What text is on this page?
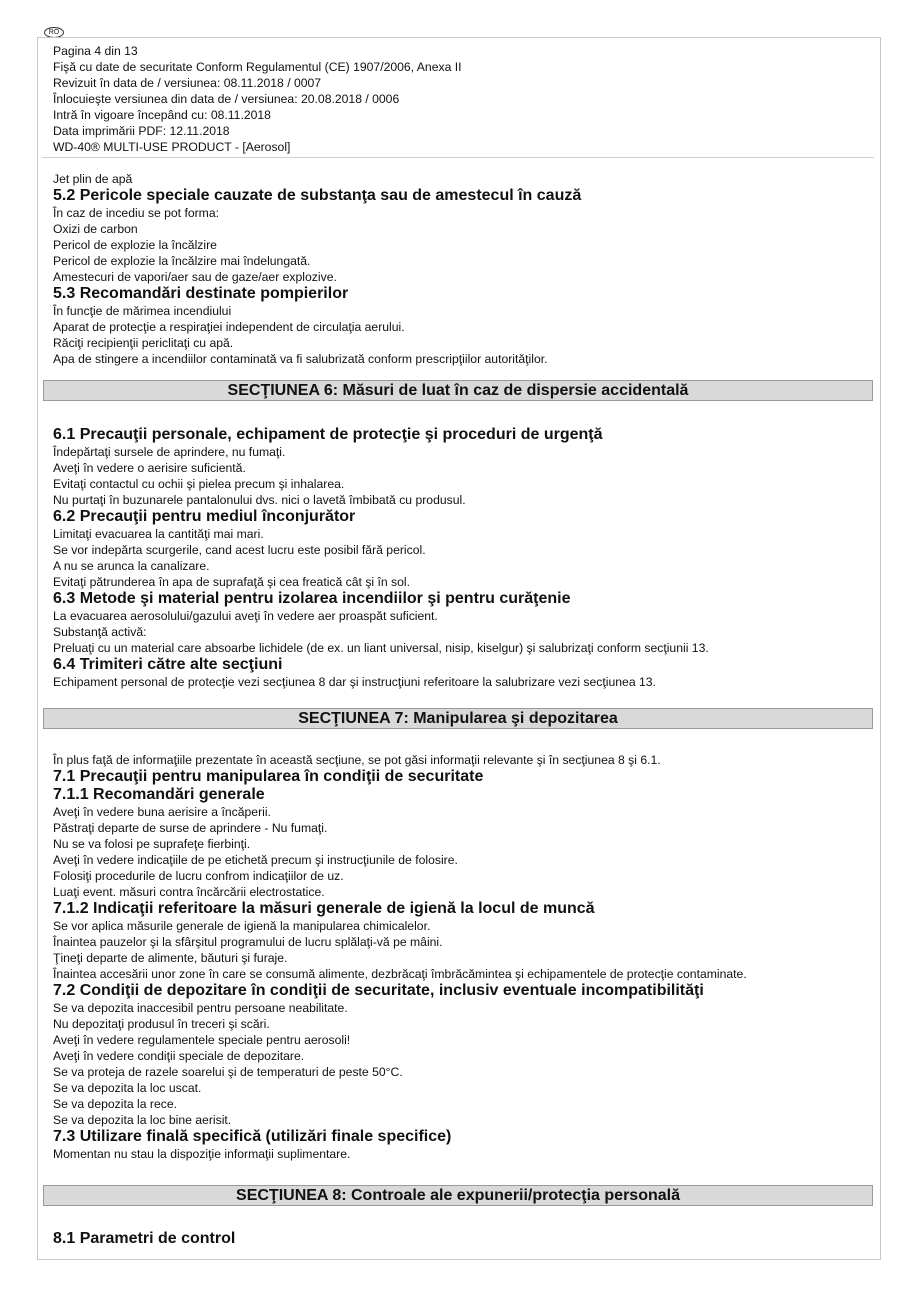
RO
Pagina 4 din 13
Fişă cu date de securitate Conform Regulamentul (CE) 1907/2006, Anexa II
Revizuit în data de / versiunea: 08.11.2018 / 0007
Înlocuieşte versiunea din data de / versiunea: 20.08.2018 / 0006
Intră în vigoare începând cu: 08.11.2018
Data imprimării PDF: 12.11.2018
WD-40® MULTI-USE PRODUCT - [Aerosol]
Jet plin de apă
5.2 Pericole speciale cauzate de substanţa sau de amestecul în cauză
În caz de incediu se pot forma:
Oxizi de carbon
Pericol de explozie la încălzire
Pericol de explozie la încălzire mai îndelungată.
Amestecuri de vapori/aer sau de gaze/aer explozive.
5.3 Recomandări destinate pompierilor
În funcţie de mărimea incendiului
Aparat de protecţie a respiraţiei independent de circulaţia aerului.
Răciţi recipienţii periclitaţi cu apă.
Apa de stingere a incendiilor contaminată va fi salubrizată conform prescripţiilor autorităţilor.
SECŢIUNEA 6: Măsuri de luat în caz de dispersie accidentală
6.1 Precauţii personale, echipament de protecţie şi proceduri de urgenţă
Îndepărtaţi sursele de aprindere, nu fumaţi.
Aveţi în vedere o aerisire suficientă.
Evitaţi contactul cu ochii şi pielea precum şi inhalarea.
Nu purtaţi în buzunarele pantalonului dvs. nici o lavetă îmbibată cu produsul.
6.2 Precauţii pentru mediul înconjurător
Limitaţi evacuarea la cantităţi mai mari.
Se vor indepărta scurgerile, cand acest lucru este posibil fără pericol.
A nu se arunca la canalizare.
Evitaţi pătrunderea în apa de suprafaţă şi cea freatică cât şi în sol.
6.3 Metode şi material pentru izolarea incendiilor şi pentru curăţenie
La evacuarea aerosolului/gazului aveţi în vedere aer proaspăt suficient.
Substanţă activă:
Preluaţi cu un material care absoarbe lichidele (de ex. un liant universal, nisip, kiselgur) şi salubrizaţi conform secţiunii 13.
6.4 Trimiteri către alte secţiuni
Echipament personal de protecţie vezi secţiunea 8 dar şi instrucţiuni referitoare la salubrizare vezi secţiunea 13.
SECŢIUNEA 7: Manipularea şi depozitarea
În plus faţă de informaţiile prezentate în această secţiune, se pot găsi informaţii relevante şi în secţiunea 8 şi 6.1.
7.1 Precauţii pentru manipularea în condiţii de securitate
7.1.1 Recomandări generale
Aveţi în vedere buna aerisire a încăperii.
Păstraţi departe de surse de aprindere - Nu fumaţi.
Nu se va folosi pe suprafeţe fierbinţi.
Aveţi în vedere indicaţiile de pe etichetă precum şi instrucţiunile de folosire.
Folosiţi procedurile de lucru confrom indicaţiilor de uz.
Luaţi event. măsuri contra încărcării electrostatice.
7.1.2 Indicaţii referitoare la măsuri generale de igienă la locul de muncă
Se vor aplica măsurile generale de igienă la manipularea chimicalelor.
Înaintea pauzelor şi la sfârşitul programului de lucru splălaţi-vă pe mâini.
Ţineţi departe de alimente, băuturi şi furaje.
Înaintea accesării unor zone în care se consumă alimente, dezbrăcaţi îmbrăcămintea şi echipamentele de protecţie contaminate.
7.2 Condiţii de depozitare în condiţii de securitate, inclusiv eventuale incompatibilităţi
Se va depozita inaccesibil pentru persoane neabilitate.
Nu depozitaţi produsul în treceri şi scări.
Aveţi în vedere regulamentele speciale pentru aerosoli!
Aveţi în vedere condiţii speciale de depozitare.
Se va proteja de razele soarelui şi de temperaturi de peste 50°C.
Se va depozita la loc uscat.
Se va depozita la rece.
Se va depozita la loc bine aerisit.
7.3 Utilizare finală specifică (utilizări finale specifice)
Momentan nu stau la dispoziţie informaţii suplimentare.
SECŢIUNEA 8: Controale ale expunerii/protecţia personală
8.1 Parametri de control
